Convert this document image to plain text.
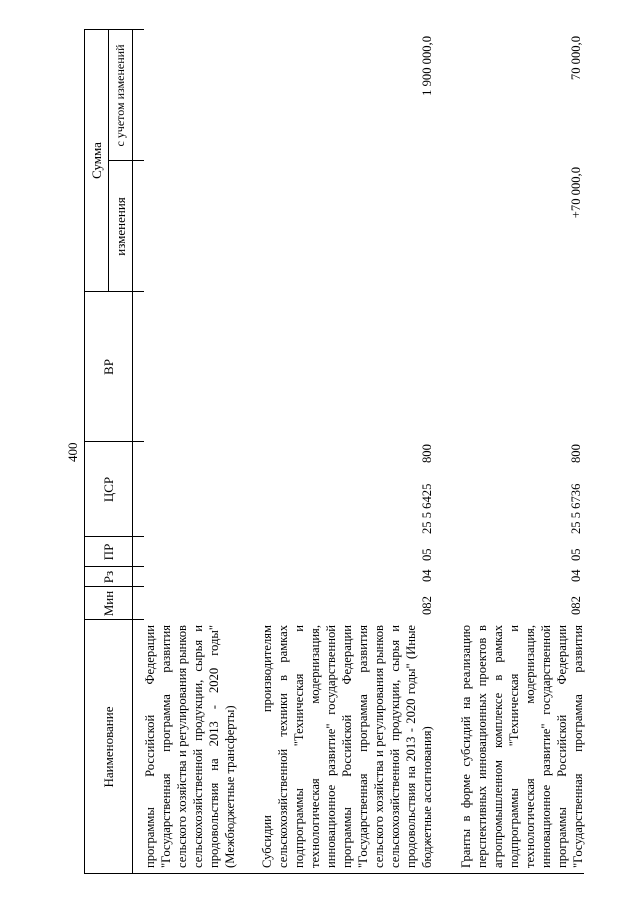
400
Наименование
Мин
Рз
ПР
ЦСР
ВР
Сумма
изменения
с учетом изменений
программы Российской Федерации "Государственная программа развития сельского хозяйства и регулирования рынков сельскохозяйственной продукции, сырья и продовольствия на 2013 - 2020 годы" (Межбюджетные трансферты) Субсидии производителям сельскохозяйственной техники в рамках подпрограммы "Техническая и технологическая модернизация, инновационное развитие" государственной программы Российской Федерации "Государственная программа развития сельского хозяйства и регулирования рынков сельскохозяйственной продукции, сырья и продовольствия на 2013 - 2020 годы" (Иные бюджетные ассигнования)
082
04
05
25 5 6425
800
1 900 000,0
Гранты в форме субсидий на реализацию перспективных инновационных проектов в агропромышленном комплексе в рамках подпрограммы "Техническая и технологическая модернизация, инновационное развитие" государственной программы Российской Федерации "Государственная программа развития
082
04
05
25 5 6736
800
+70 000,0
70 000,0
